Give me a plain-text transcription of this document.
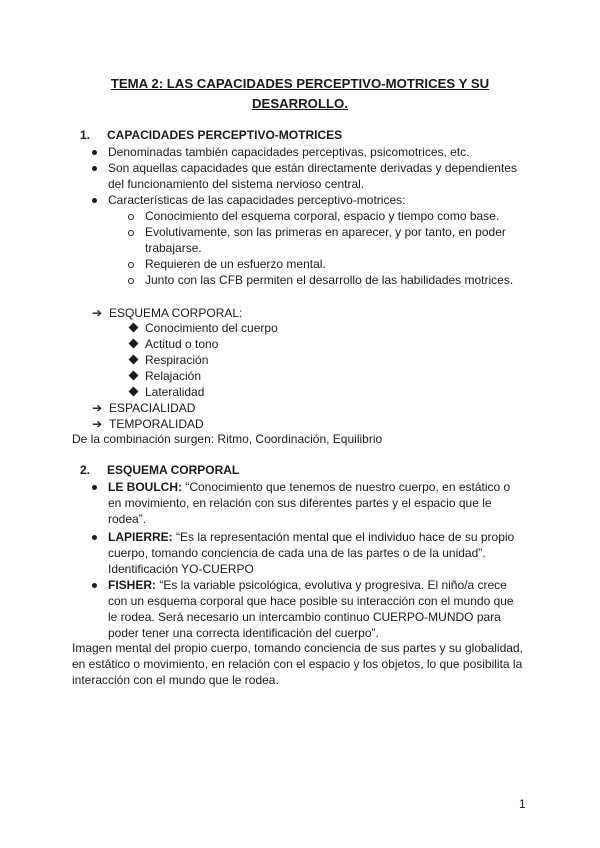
TEMA 2: LAS CAPACIDADES PERCEPTIVO-MOTRICES Y SU
DESARROLLO.
1. CAPACIDADES PERCEPTIVO-MOTRICES
Denominadas también capacidades perceptivas, psicomotrices, etc.
Son aquellas capacidades que están directamente derivadas y dependientes
del funcionamiento del sistema nervioso central.
Características de las capacidades perceptivo-motrices:
Conocimiento del esquema corporal, espacio y tiempo como base.
Evolutivamente, son las primeras en aparecer, y por tanto, en poder
trabajarse.
Requieren de un esfuerzo mental.
Junto con las CFB permiten el desarrollo de las habilidades motrices.
➔ ESQUEMA CORPORAL:
Conocimiento del cuerpo
Actitud o tono
Respiración
Relajación
Lateralidad
➔ ESPACIALIDAD
➔ TEMPORALIDAD
De la combinación surgen: Ritmo, Coordinación, Equilibrio
2. ESQUEMA CORPORAL
LE BOULCH: “Conocimiento que tenemos de nuestro cuerpo, en estático o
en movimiento, en relación con sus diferentes partes y el espacio que le
rodea”.
LAPIERRE: “Es la representación mental que el individuo hace de su propio
cuerpo, tomando conciencia de cada una de las partes o de la unidad”.
Identificación YO-CUERPO
FISHER: “Es la variable psicológica, evolutiva y progresiva. El niño/a crece
con un esquema corporal que hace posible su interacción con el mundo que
le rodea. Será necesario un intercambio continuo CUERPO-MUNDO para
poder tener una correcta identificación del cuerpo”.
Imagen mental del propio cuerpo, tomando conciencia de sus partes y su globalidad,
en estático o movimiento, en relación con el espacio y los objetos, lo que posibilita la
interacción con el mundo que le rodea.
1
